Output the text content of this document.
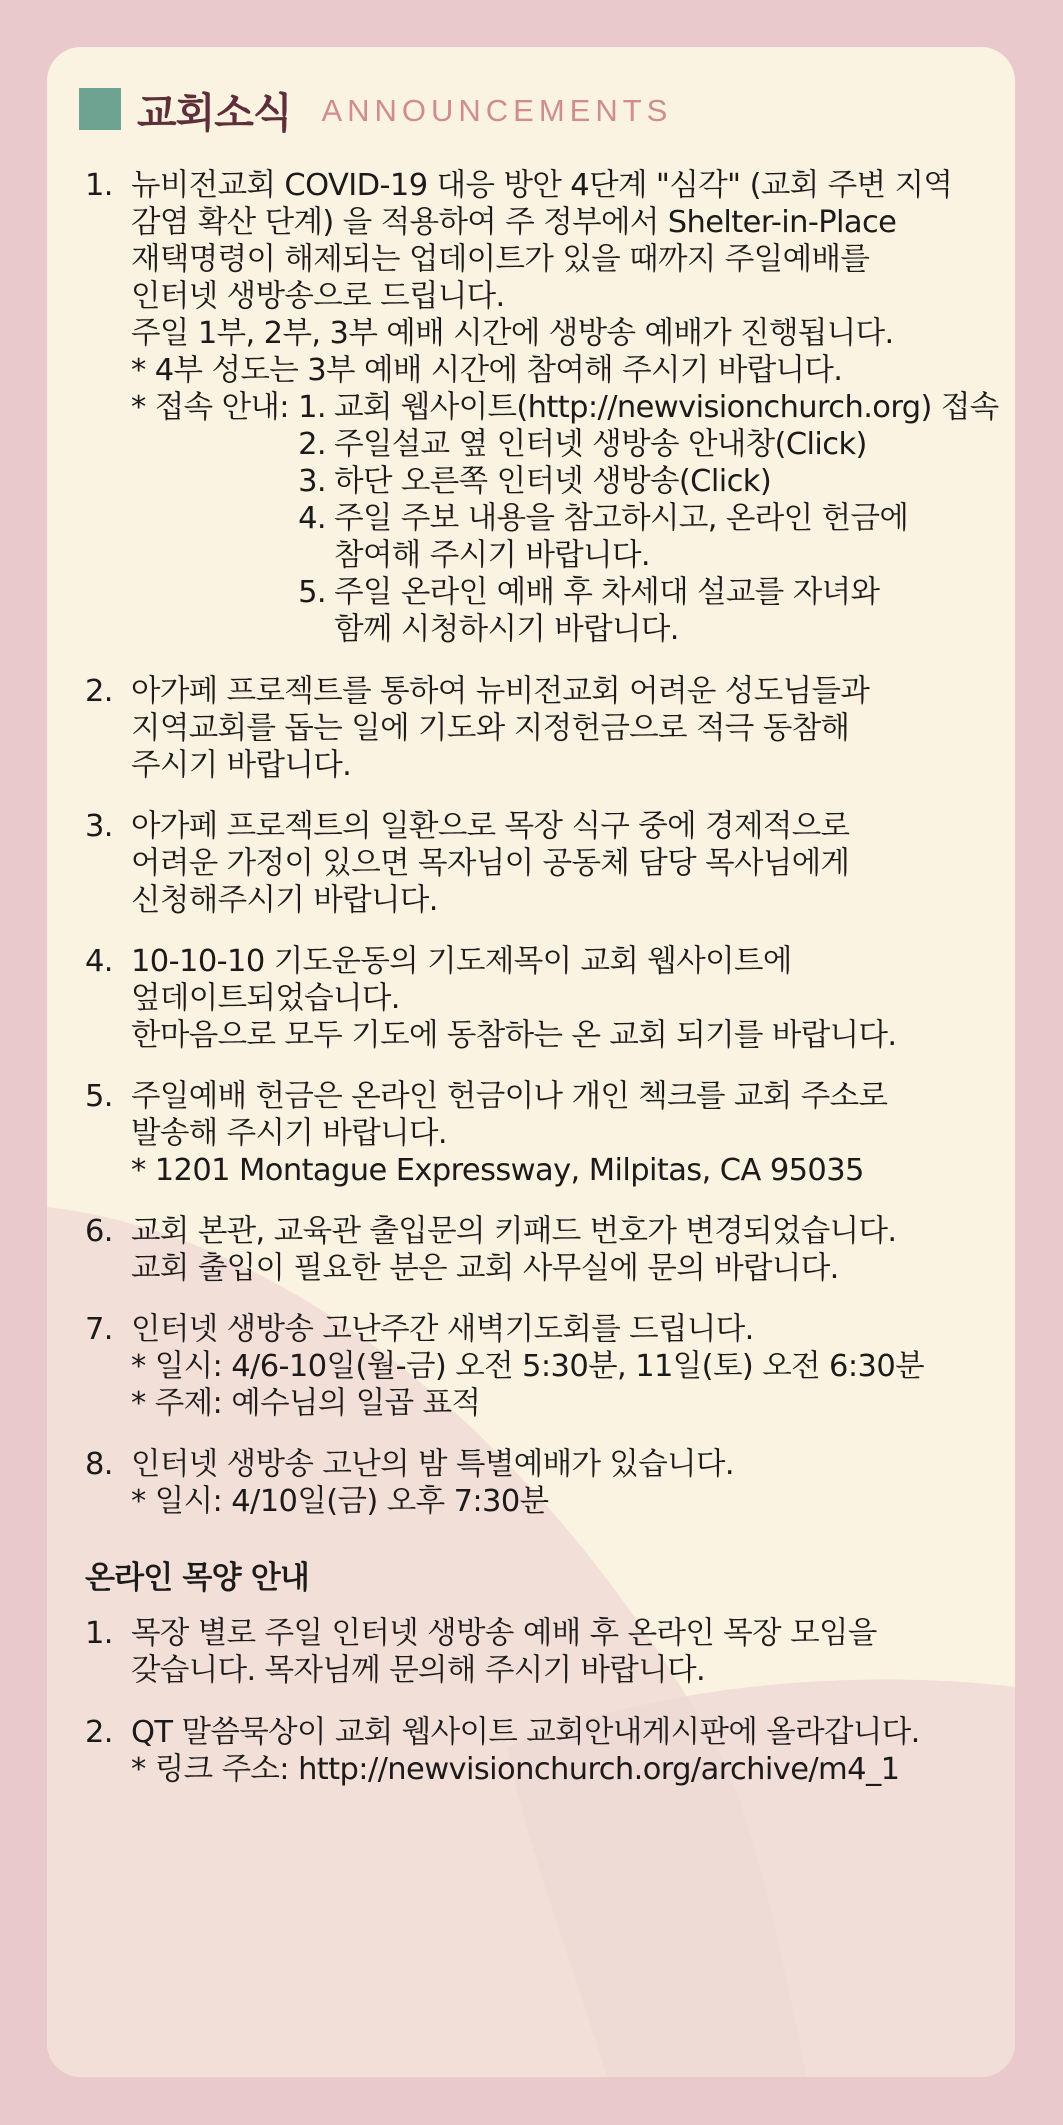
교회소식 ANNOUNCEMENTS
1. 뉴비전교회 COVID-19 대응 방안 4단계 "심각" (교회 주변 지역
감염 확산 단계) 을 적용하여 주 정부에서 Shelter-in-Place
재택명령이 해제되는 업데이트가 있을 때까지 주일예배를
인터넷 생방송으로 드립니다.
주일 1부, 2부, 3부 예배 시간에 생방송 예배가 진행됩니다.
* 4부 성도는 3부 예배 시간에 참여해 주시기 바랍니다.
* 접속 안내: 1. 교회 웹사이트(http://newvisionchurch.org) 접속
2. 주일설교 옆 인터넷 생방송 안내창(Click)
3. 하단 오른쪽 인터넷 생방송(Click)
4. 주일 주보 내용을 참고하시고, 온라인 헌금에
참여해 주시기 바랍니다.
5. 주일 온라인 예배 후 차세대 설교를 자녀와
함께 시청하시기 바랍니다.
2. 아가페 프로젝트를 통하여 뉴비전교회 어려운 성도님들과
지역교회를 돕는 일에 기도와 지정헌금으로 적극 동참해
주시기 바랍니다.
3. 아가페 프로젝트의 일환으로 목장 식구 중에 경제적으로
어려운 가정이 있으면 목자님이 공동체 담당 목사님에게
신청해주시기 바랍니다.
4. 10-10-10 기도운동의 기도제목이 교회 웹사이트에
엎데이트되었습니다.
한마음으로 모두 기도에 동참하는 온 교회 되기를 바랍니다.
5. 주일예배 헌금은 온라인 헌금이나 개인 첵크를 교회 주소로
발송해 주시기 바랍니다.
* 1201 Montague Expressway, Milpitas, CA 95035
6. 교회 본관, 교육관 출입문의 키패드 번호가 변경되었습니다.
교회 출입이 필요한 분은 교회 사무실에 문의 바랍니다.
7. 인터넷 생방송 고난주간 새벽기도회를 드립니다.
* 일시: 4/6-10일(월-금) 오전 5:30분, 11일(토) 오전 6:30분
* 주제: 예수님의 일곱 표적
8. 인터넷 생방송 고난의 밤 특별예배가 있습니다.
* 일시: 4/10일(금) 오후 7:30분
온라인 목양 안내
1. 목장 별로 주일 인터넷 생방송 예배 후 온라인 목장 모임을
갖습니다. 목자님께 문의해 주시기 바랍니다.
2. QT 말씀묵상이 교회 웹사이트 교회안내게시판에 올라갑니다.
* 링크 주소: http://newvisionchurch.org/archive/m4_1
